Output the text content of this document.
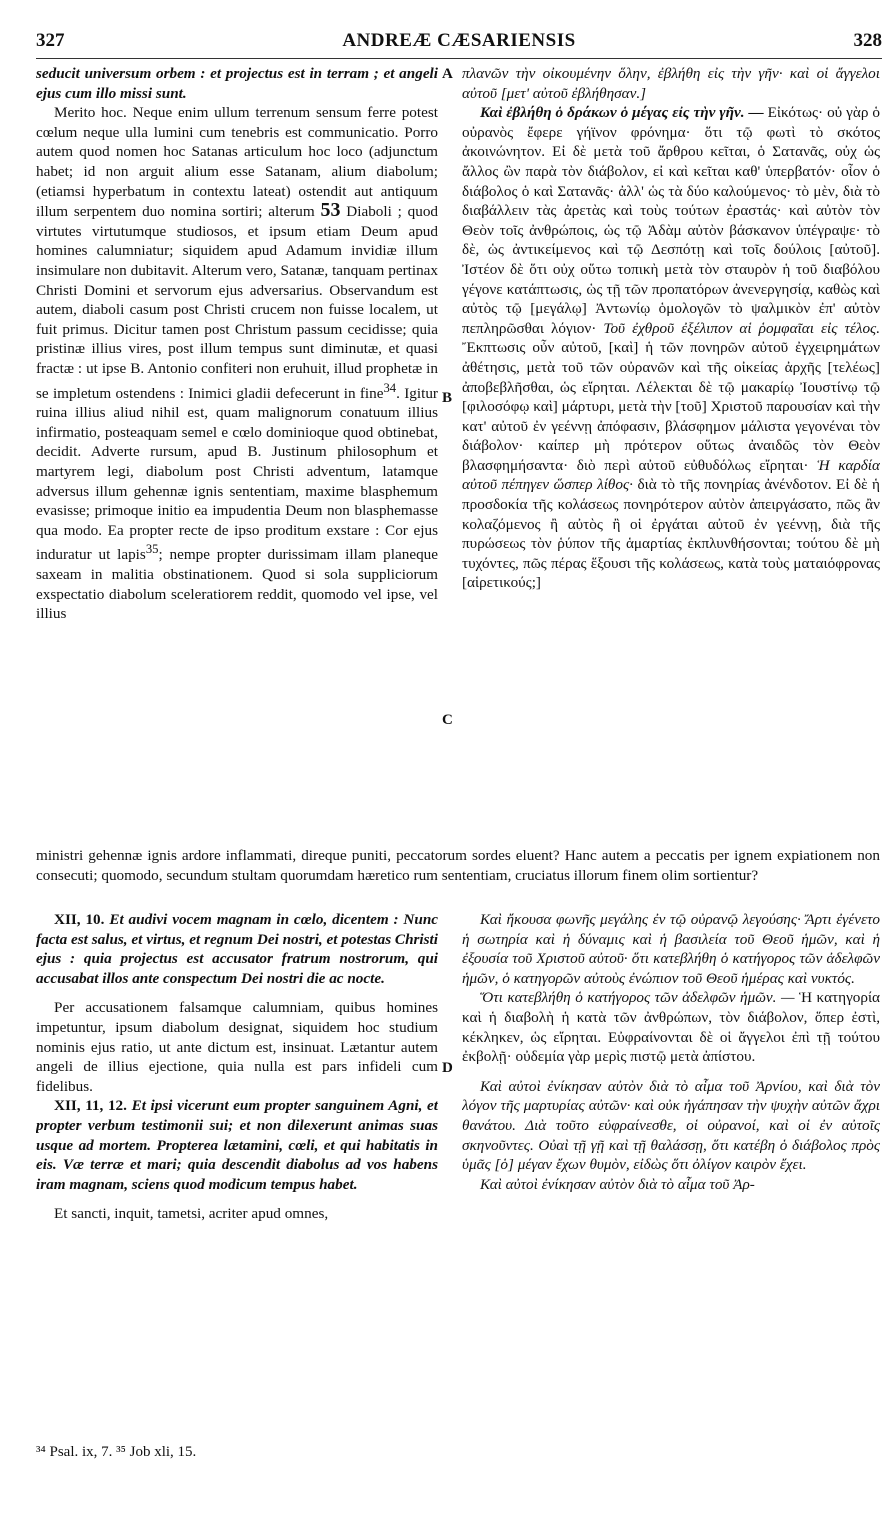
327	ANDREÆ CÆSARIENSIS	328
A
B
C
D

seducit universum orbem : et projectus est in terram ; et angeli ejus cum illo missi sunt.

Merito hoc. Neque enim ullum terrenum sensum ferre potest cœlum neque ulla lumini cum tenebris est communicatio. Porro autem quod nomen hoc Satanas articulum hoc loco (adjunctum habet; id non arguit alium esse Satanam, alium diabolum; (etiamsi hyperbatum in contextu lateat) ostendit aut antiquum illum serpentem duo nomina sortiri; alterum 53 Diaboli ; quod virtutes virtutumque studiosos, et ipsum etiam Deum apud homines calumniatur; siquidem apud Adamum invidiæ illum insimulare non dubitavit. Alterum vero, Satanæ, tanquam pertinax Christi Domini et servorum ejus adversarius. Observandum est autem, diaboli casum post Christi crucem non fuisse localem, ut fuit primus. Dicitur tamen post Christum passum cecidisse; quia pristinæ illius vires, post illum tempus sunt diminutæ, et quasi fractæ : ut ipse B. Antonio confiteri non eruhuit, illud prophetæ in se impletum ostendens : Inimici gladii defecerunt in fine$^{34}$. Igitur ruina illius aliud nihil est, quam malignorum conatuum illius infirmatio, posteaquam semel e cœlo dominioque quod obtinebat, decidit. Adverte rursum, apud B. Justinum philosophum et martyrem legi, diabolum post Christi adventum, latamque adversus illum gehennæ ignis sententiam, maxime blasphemum evasisse; primoque initio ea impudentia Deum non blasphemasse qua modo. Ea propter recte de ipso proditum exstare : Cor ejus induratur ut lapis$^{35}$; nempe propter durissimam illam planeque saxeam in malitia obstinationem. Quod si sola suppliciorum exspectatio diabolum sceleratiorem reddit, quomodo vel ipse, vel illius

πλανῶν τὴν οἰκουμένην ὅλην, ἐβλήθη εἰς τὴν γῆν· καὶ οἱ ἄγγελοι αὐτοῦ [μετ' αὐτοῦ ἐβλήθησαν.]

Καὶ ἐβλήθη ὁ δράκων ὁ μέγας εἰς τὴν γῆν. — Εἰκότως· οὐ γὰρ ὁ οὐρανὸς ἔφερε γήϊνον φρόνημα· ὅτι τῷ φωτὶ τὸ σκότος ἀκοινώνητον. Εἰ δὲ μετὰ τοῦ ἄρθρου κεῖται, ὁ Σατανᾶς, οὐχ ὡς ἄλλος ὢν παρὰ τὸν διάβολον, εἰ καὶ κεῖται καθ' ὑπερβατόν· οἷον ὁ διάβολος ὁ καὶ Σατανᾶς· ἀλλ' ὡς τὰ δύο καλούμενος· τὸ μὲν, διὰ τὸ διαβάλλειν τὰς ἀρετὰς καὶ τοὺς τούτων ἐραστάς· καὶ αὐτὸν τὸν Θεὸν τοῖς ἀνθρώποις, ὡς τῷ Ἀδὰμ αὐτὸν βάσκανον ὑπέγραψε· τὸ δὲ, ὡς ἀντικείμενος καὶ τῷ Δεσπότῃ καὶ τοῖς δούλοις [αὐτοῦ]. Ἰστέον δὲ ὅτι οὐχ οὕτω τοπικὴ μετὰ τὸν σταυρὸν ἡ τοῦ διαβόλου γέγονε κατάπτωσις, ὡς τῇ τῶν προπατόρων ἀνενεργησίᾳ, καθὼς καὶ αὐτὸς τῷ [μεγάλῳ] Ἀντωνίῳ ὁμολογῶν τὸ ψαλμικὸν ἐπ' αὐτὸν πεπληρῶσθαι λόγιον· Τοῦ ἐχθροῦ ἐξέλιπον αἱ ῥομφαῖαι εἰς τέλος. Ἔκπτωσις οὖν αὐτοῦ, [καὶ] ἡ τῶν πονηρῶν αὐτοῦ ἐγχειρημάτων ἀθέτησις, μετὰ τοῦ τῶν οὐρανῶν καὶ τῆς οἰκείας ἀρχῆς [τελέως] ἀποβεβλῆσθαι, ὡς εἴρηται. Λέλεκται δὲ τῷ μακαρίῳ Ἰουστίνῳ τῷ [φιλοσόφῳ καὶ] μάρτυρι, μετὰ τὴν [τοῦ] Χριστοῦ παρουσίαν καὶ τὴν κατ' αὐτοῦ ἐν γεέννῃ ἀπόφασιν, βλάσφημον μάλιστα γεγονέναι τὸν διάβολον· καίπερ μὴ πρότερον οὕτως ἀναιδῶς τὸν Θεὸν βλασφημήσαντα· διὸ περὶ αὐτοῦ εὐθυδόλως εἴρηται· Ἡ καρδία αὐτοῦ πέπηγεν ὥσπερ λίθος· διὰ τὸ τῆς πονηρίας ἀνένδοτον. Εἰ δὲ ἡ προσδοκία τῆς κολάσεως πονηρότερον αὐτὸν ἀπειργάσατο, πῶς ἂν κολαζόμενος ἢ αὐτὸς ἢ οἱ ἐργάται αὐτοῦ ἐν γεέννῃ, διὰ τῆς πυρώσεως τὸν ῥύπον τῆς ἁμαρτίας ἐκπλυνθήσονται; τούτου δὲ μὴ τυχόντες, πῶς πέρας ἕξουσι τῆς κολάσεως, κατὰ τοὺς ματαιόφρονας [αἱρετικούς;]

ministri gehennæ ignis ardore inflammati, direque puniti, peccatorum sordes eluent? Hanc autem a peccatis per ignem expiationem non consecuti; quomodo, secundum stultam quorumdam hæretico rum sententiam, cruciatus illorum finem olim sortientur?

XII, 10. Et audivi vocem magnam in cœlo, dicentem : Nunc facta est salus, et virtus, et regnum Dei nostri, et potestas Christi ejus : quia projectus est accusator fratrum nostrorum, qui accusabat illos ante conspectum Dei nostri die ac nocte.

Per accusationem falsamque calumniam, quibus homines impetuntur, ipsum diabolum designat, siquidem hoc studium nominis ejus ratio, ut ante dictum est, insinuat. Lætantur autem angeli de illius ejectione, quia nulla est pars infideli cum fidelibus.

XII, 11, 12. Et ipsi vicerunt eum propter sanguinem Agni, et propter verbum testimonii sui; et non dilexerunt animas suas usque ad mortem. Propterea lætamini, cœli, et qui habitatis in eis. Væ terræ et mari; quia descendit diabolus ad vos habens iram magnam, sciens quod modicum tempus habet.

Et sancti, inquit, tametsi, acriter apud omnes,

Καὶ ἤκουσα φωνῆς μεγάλης ἐν τῷ οὐρανῷ λεγούσης· Ἄρτι ἐγένετο ἡ σωτηρία καὶ ἡ δύναμις καὶ ἡ βασιλεία τοῦ Θεοῦ ἡμῶν, καὶ ἡ ἐξουσία τοῦ Χριστοῦ αὐτοῦ· ὅτι κατεβλήθη ὁ κατήγορος τῶν ἀδελφῶν ἡμῶν, ὁ κατηγορῶν αὐτοὺς ἐνώπιον τοῦ Θεοῦ ἡμέρας καὶ νυκτός.

Ὅτι κατεβλήθη ὁ κατήγορος τῶν ἀδελφῶν ἡμῶν. — Ἡ κατηγορία καὶ ἡ διαβολὴ ἡ κατὰ τῶν ἀνθρώπων, τὸν διάβολον, ὅπερ ἐστὶ, κέκληκεν, ὡς εἴρηται. Εὐφραίνονται δὲ οἱ ἄγγελοι ἐπὶ τῇ τούτου ἐκβολῇ· οὐδεμία γὰρ μερὶς πιστῷ μετὰ ἀπίστου.

Καὶ αὐτοὶ ἐνίκησαν αὐτὸν διὰ τὸ αἷμα τοῦ Ἀρνίου, καὶ διὰ τὸν λόγον τῆς μαρτυρίας αὐτῶν· καὶ οὐκ ἠγάπησαν τὴν ψυχὴν αὐτῶν ἄχρι θανάτου. Διὰ τοῦτο εὐφραίνεσθε, οἱ οὐρανοί, καὶ οἱ ἐν αὐτοῖς σκηνοῦντες. Οὐαὶ τῇ γῇ καὶ τῇ θαλάσσῃ, ὅτι κατέβη ὁ διάβολος πρὸς ὑμᾶς [ὁ] μέγαν ἔχων θυμὸν, εἰδὼς ὅτι ὀλίγον καιρὸν ἔχει.

Καὶ αὐτοὶ ἐνίκησαν αὐτὸν διὰ τὸ αἷμα τοῦ Ἀρ-

³⁴ Psal. ix, 7. ³⁵ Job xli, 15.
